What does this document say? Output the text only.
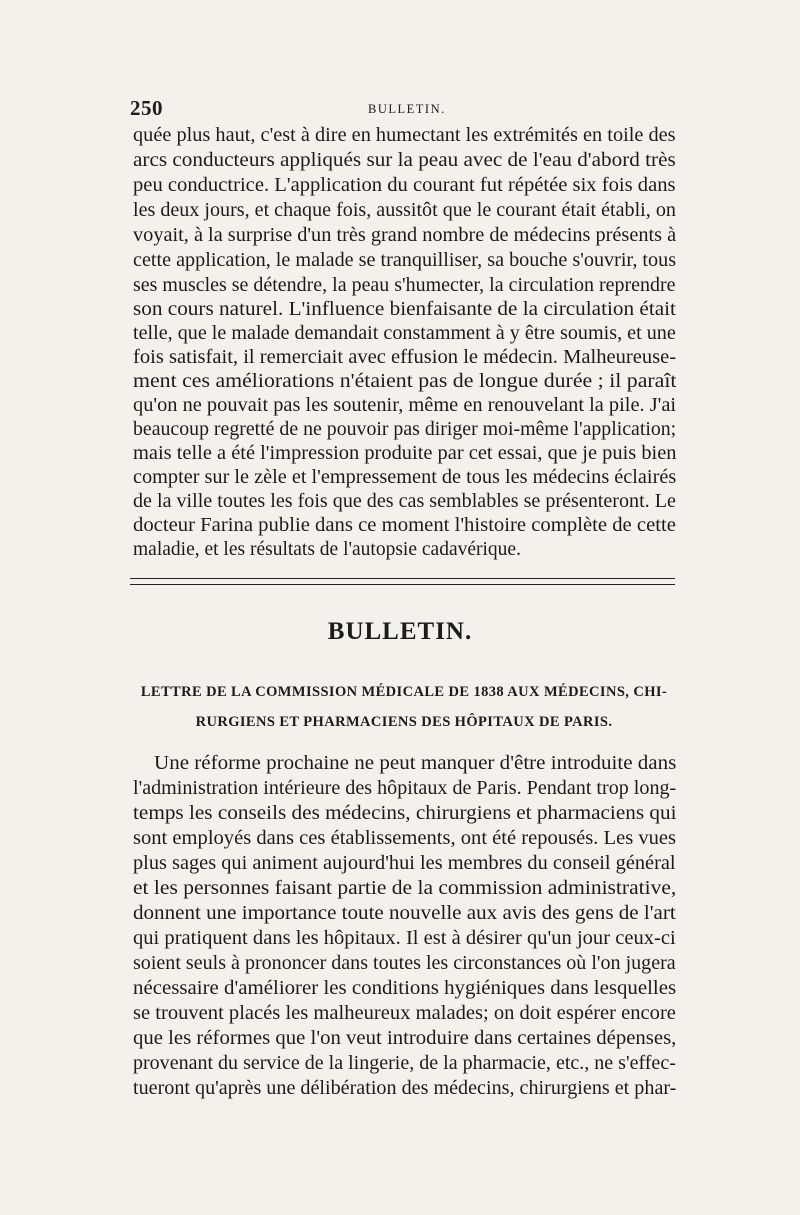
250	BULLETIN.
quée plus haut, c'est à dire en humectant les extrémités en toile des
arcs conducteurs appliqués sur la peau avec de l'eau d'abord très
peu conductrice. L'application du courant fut répétée six fois dans
les deux jours, et chaque fois, aussitôt que le courant était établi, on
voyait, à la surprise d'un très grand nombre de médecins présents à
cette application, le malade se tranquilliser, sa bouche s'ouvrir, tous
ses muscles se détendre, la peau s'humecter, la circulation reprendre
son cours naturel. L'influence bienfaisante de la circulation était
telle, que le malade demandait constamment à y être soumis, et une
fois satisfait, il remerciait avec effusion le médecin. Malheureuse-
ment ces améliorations n'étaient pas de longue durée ; il paraît
qu'on ne pouvait pas les soutenir, même en renouvelant la pile. J'ai
beaucoup regretté de ne pouvoir pas diriger moi-même l'application;
mais telle a été l'impression produite par cet essai, que je puis bien
compter sur le zèle et l'empressement de tous les médecins éclairés
de la ville toutes les fois que des cas semblables se présenteront. Le
docteur Farina publie dans ce moment l'histoire complète de cette
maladie, et les résultats de l'autopsie cadavérique.
BULLETIN.
LETTRE DE LA COMMISSION MÉDICALE DE 1838 AUX MÉDECINS, CHI-
RURGIENS ET PHARMACIENS DES HÔPITAUX DE PARIS.
Une réforme prochaine ne peut manquer d'être introduite dans
l'administration intérieure des hôpitaux de Paris. Pendant trop long-
temps les conseils des médecins, chirurgiens et pharmaciens qui
sont employés dans ces établissements, ont été repousés. Les vues
plus sages qui animent aujourd'hui les membres du conseil général
et les personnes faisant partie de la commission administrative,
donnent une importance toute nouvelle aux avis des gens de l'art
qui pratiquent dans les hôpitaux. Il est à désirer qu'un jour ceux-ci
soient seuls à prononcer dans toutes les circonstances où l'on jugera
nécessaire d'améliorer les conditions hygiéniques dans lesquelles
se trouvent placés les malheureux malades; on doit espérer encore
que les réformes que l'on veut introduire dans certaines dépenses,
provenant du service de la lingerie, de la pharmacie, etc., ne s'effec-
tueront qu'après une délibération des médecins, chirurgiens et phar-
